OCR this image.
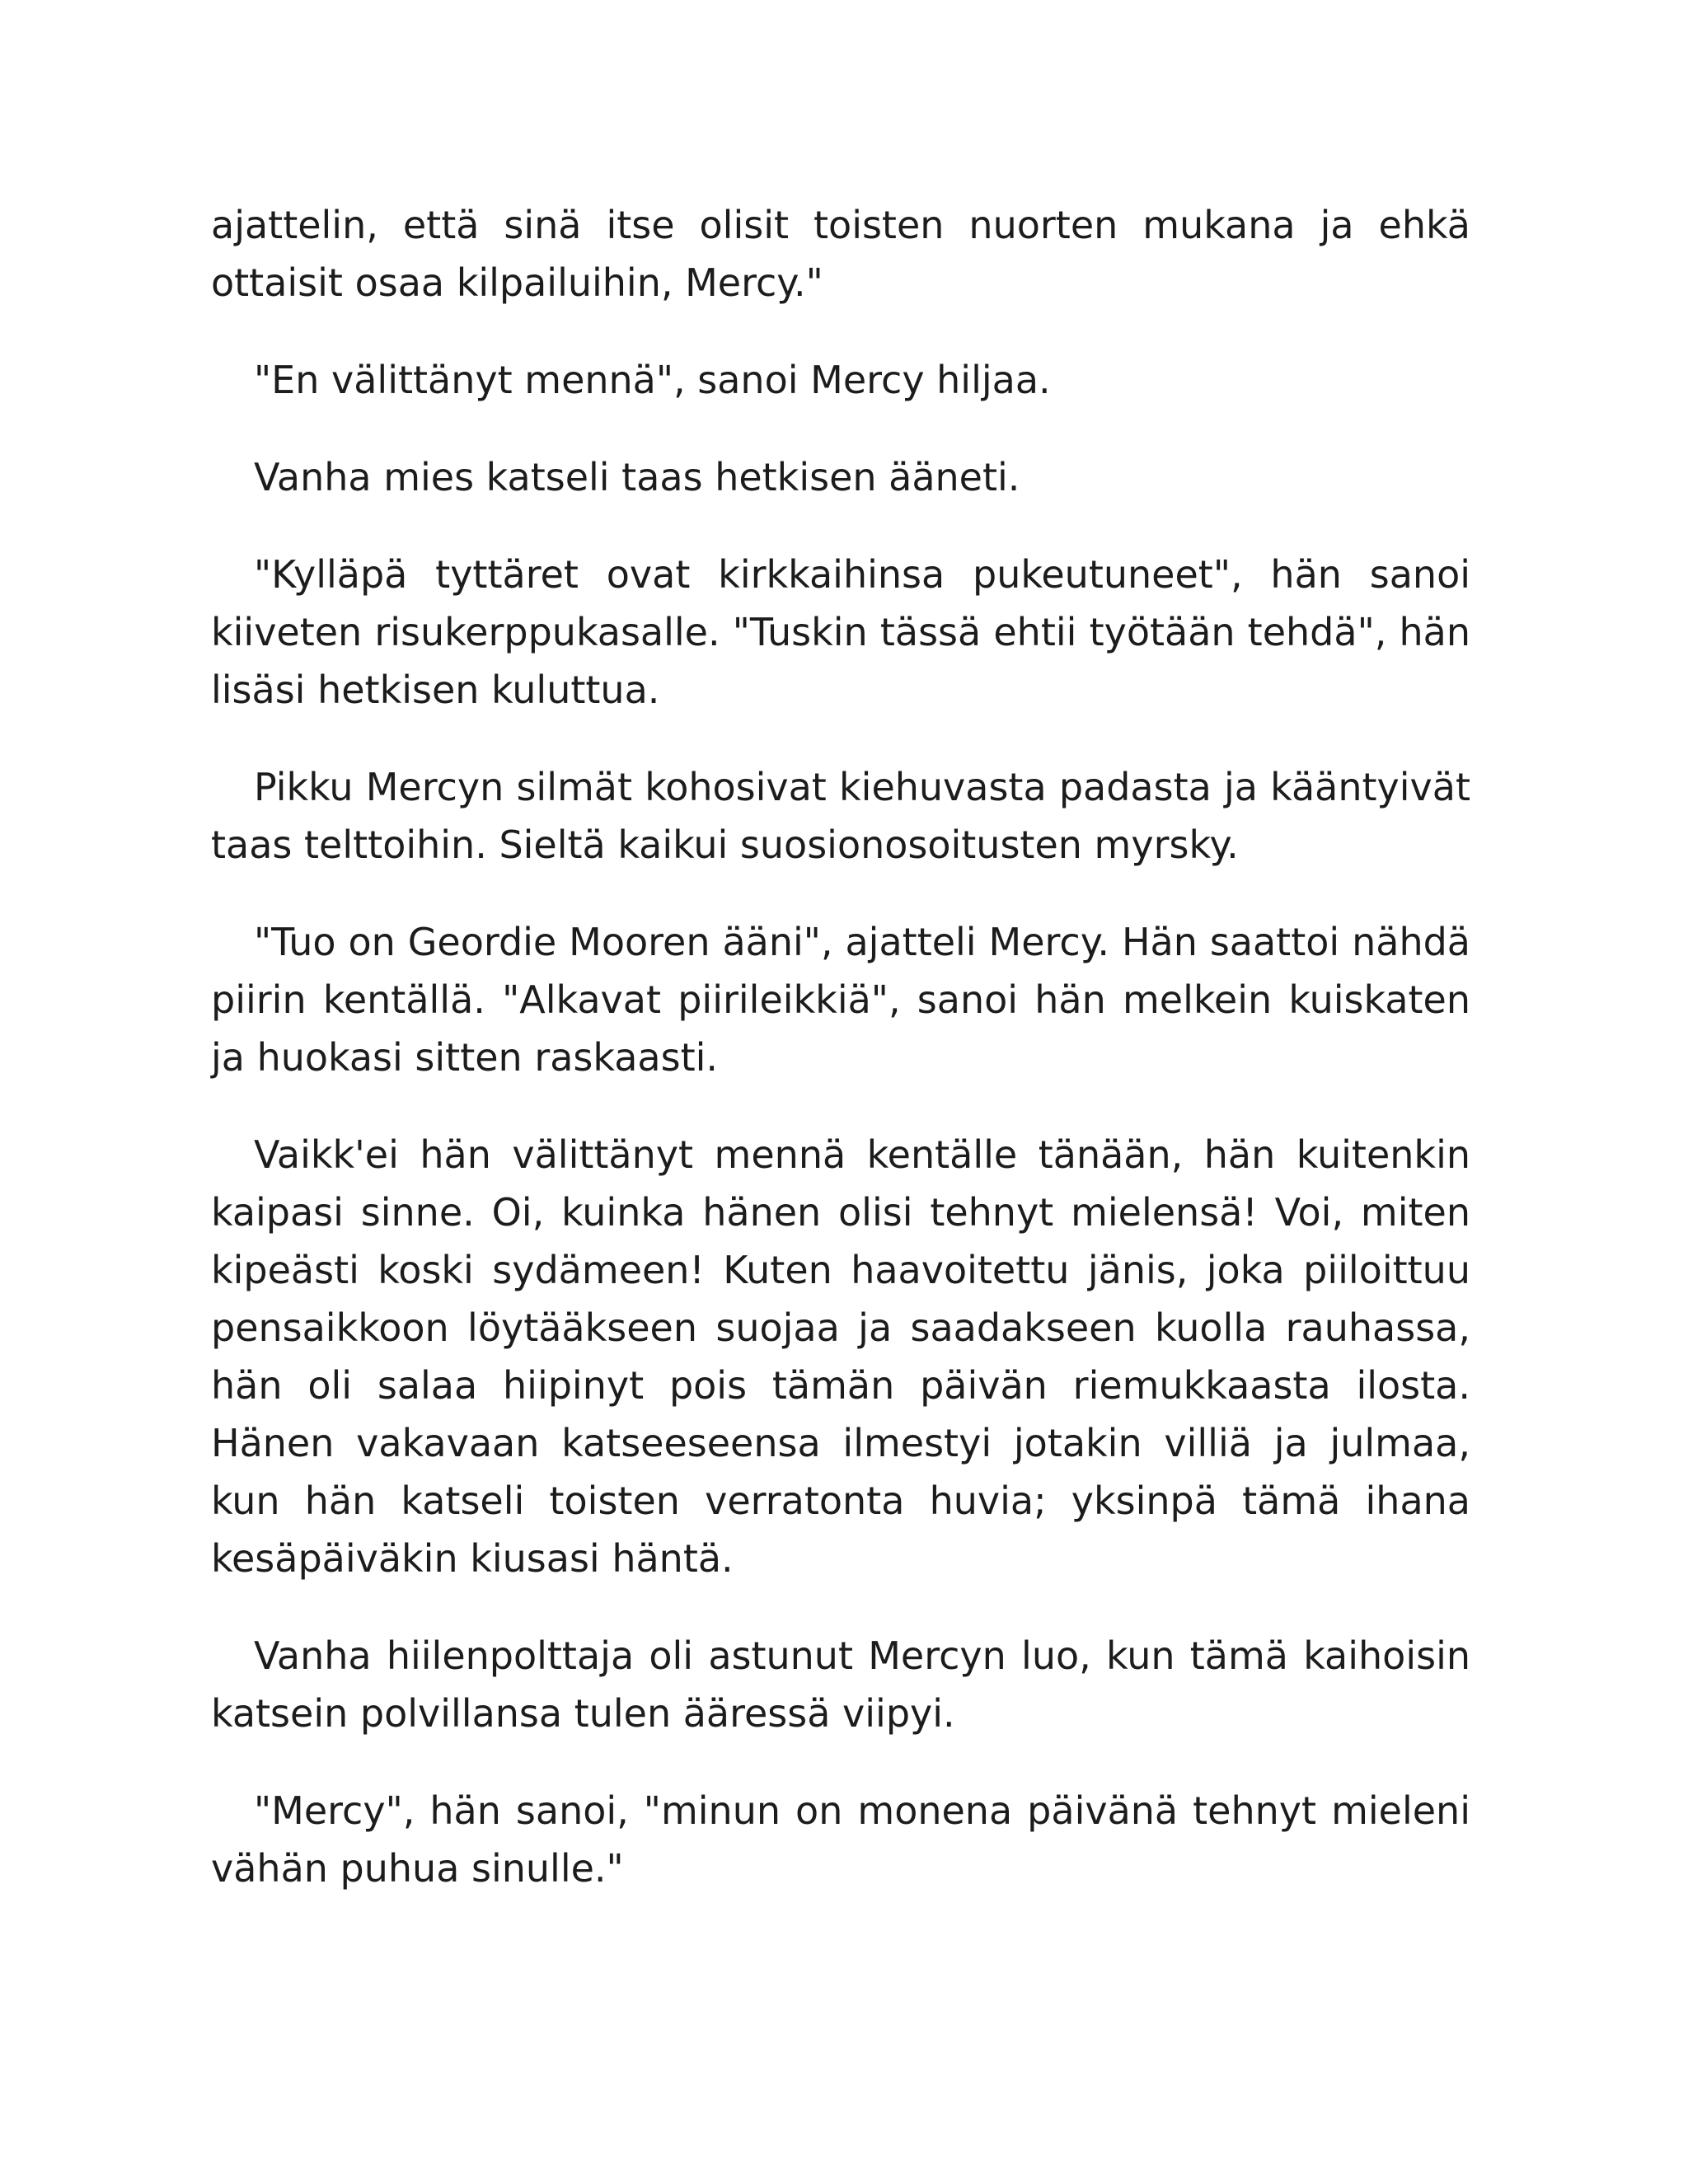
ajattelin, että sinä itse olisit toisten nuorten mukana ja ehkä ottaisit osaa kilpailuihin, Mercy."

"En välittänyt mennä", sanoi Mercy hiljaa.

Vanha mies katseli taas hetkisen ääneti.

"Kylläpä tyttäret ovat kirkkaihinsa pukeutuneet", hän sanoi kiiveten risukerppukasalle. "Tuskin tässä ehtii työtään tehdä", hän lisäsi hetkisen kuluttua.

Pikku Mercyn silmät kohosivat kiehuvasta padasta ja kääntyivät taas telttoihin. Sieltä kaikui suosionosoitusten myrsky.

"Tuo on Geordie Mooren ääni", ajatteli Mercy. Hän saattoi nähdä piirin kentällä. "Alkavat piirileikkiä", sanoi hän melkein kuiskaten ja huokasi sitten raskaasti.

Vaikk'ei hän välittänyt mennä kentälle tänään, hän kuitenkin kaipasi sinne. Oi, kuinka hänen olisi tehnyt mielensä! Voi, miten kipeästi koski sydämeen! Kuten haavoitettu jänis, joka piiloittuu pensaikkoon löytääkseen suojaa ja saadakseen kuolla rauhassa, hän oli salaa hiipinyt pois tämän päivän riemukkaasta ilosta. Hänen vakavaan katseeseensa ilmestyi jotakin villiä ja julmaa, kun hän katseli toisten verratonta huvia; yksinpä tämä ihana kesäpäiväkin kiusasi häntä.

Vanha hiilenpolttaja oli astunut Mercyn luo, kun tämä kaihoisin katsein polvillansa tulen ääressä viipyi.

"Mercy", hän sanoi, "minun on monena päivänä tehnyt mieleni vähän puhua sinulle."
